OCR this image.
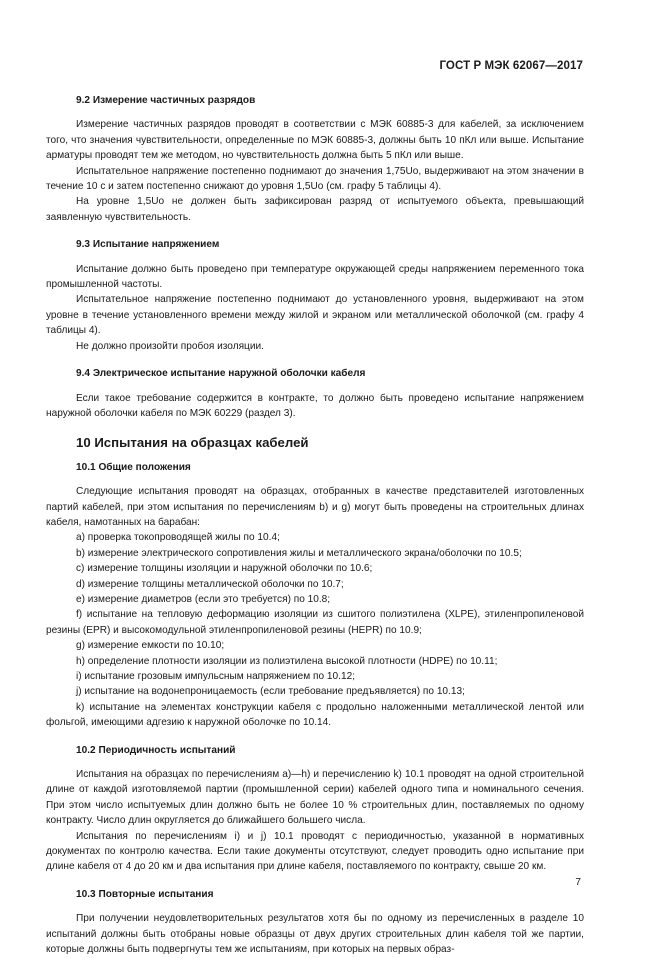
ГОСТ Р МЭК 62067—2017

9.2 Измерение частичных разрядов

Измерение частичных разрядов проводят в соответствии с МЭК 60885-3 для кабелей, за исключением того, что значения чувствительности, определенные по МЭК 60885-3, должны быть 10 пКл или выше. Испытание арматуры проводят тем же методом, но чувствительность должна быть 5 пКл или выше.

Испытательное напряжение постепенно поднимают до значения 1,75Uo, выдерживают на этом значении в течение 10 с и затем постепенно снижают до уровня 1,5Uo (см. графу 5 таблицы 4).

На уровне 1,5Uo не должен быть зафиксирован разряд от испытуемого объекта, превышающий заявленную чувствительность.

9.3 Испытание напряжением

Испытание должно быть проведено при температуре окружающей среды напряжением переменного тока промышленной частоты.

Испытательное напряжение постепенно поднимают до установленного уровня, выдерживают на этом уровне в течение установленного времени между жилой и экраном или металлической оболочкой (см. графу 4 таблицы 4).

Не должно произойти пробоя изоляции.

9.4 Электрическое испытание наружной оболочки кабеля

Если такое требование содержится в контракте, то должно быть проведено испытание напряжением наружной оболочки кабеля по МЭК 60229 (раздел 3).

10 Испытания на образцах кабелей

10.1 Общие положения

Следующие испытания проводят на образцах, отобранных в качестве представителей изготовленных партий кабелей, при этом испытания по перечислениям b) и g) могут быть проведены на строительных длинах кабеля, намотанных на барабан:

a) проверка токопроводящей жилы по 10.4;

b) измерение электрического сопротивления жилы и металлического экрана/оболочки по 10.5;

c) измерение толщины изоляции и наружной оболочки по 10.6;

d) измерение толщины металлической оболочки по 10.7;

e) измерение диаметров (если это требуется) по 10.8;

f) испытание на тепловую деформацию изоляции из сшитого полиэтилена (XLPE), этиленпропиленовой резины (EPR) и высокомодульной этиленпропиленовой резины (HEPR) по 10.9;

g) измерение емкости по 10.10;

h) определение плотности изоляции из полиэтилена высокой плотности (HDPE) по 10.11;

i) испытание грозовым импульсным напряжением по 10.12;

j) испытание на водонепроницаемость (если требование предъявляется) по 10.13;

k) испытание на элементах конструкции кабеля с продольно наложенными металлической лентой или фольгой, имеющими адгезию к наружной оболочке по 10.14.

10.2 Периодичность испытаний

Испытания на образцах по перечислениям a)—h) и перечислению k) 10.1 проводят на одной строительной длине от каждой изготовляемой партии (промышленной серии) кабелей одного типа и номинального сечения. При этом число испытуемых длин должно быть не более 10 % строительных длин, поставляемых по одному контракту. Число длин округляется до ближайшего большего числа.

Испытания по перечислениям i) и j) 10.1 проводят с периодичностью, указанной в нормативных документах по контролю качества. Если такие документы отсутствуют, следует проводить одно испытание при длине кабеля от 4 до 20 км и два испытания при длине кабеля, поставляемого по контракту, свыше 20 км.

10.3 Повторные испытания

При получении неудовлетворительных результатов хотя бы по одному из перечисленных в разделе 10 испытаний должны быть отобраны новые образцы от двух других строительных длин кабеля той же партии, которые должны быть подвергнуты тем же испытаниям, при которых на первых образ-

7
